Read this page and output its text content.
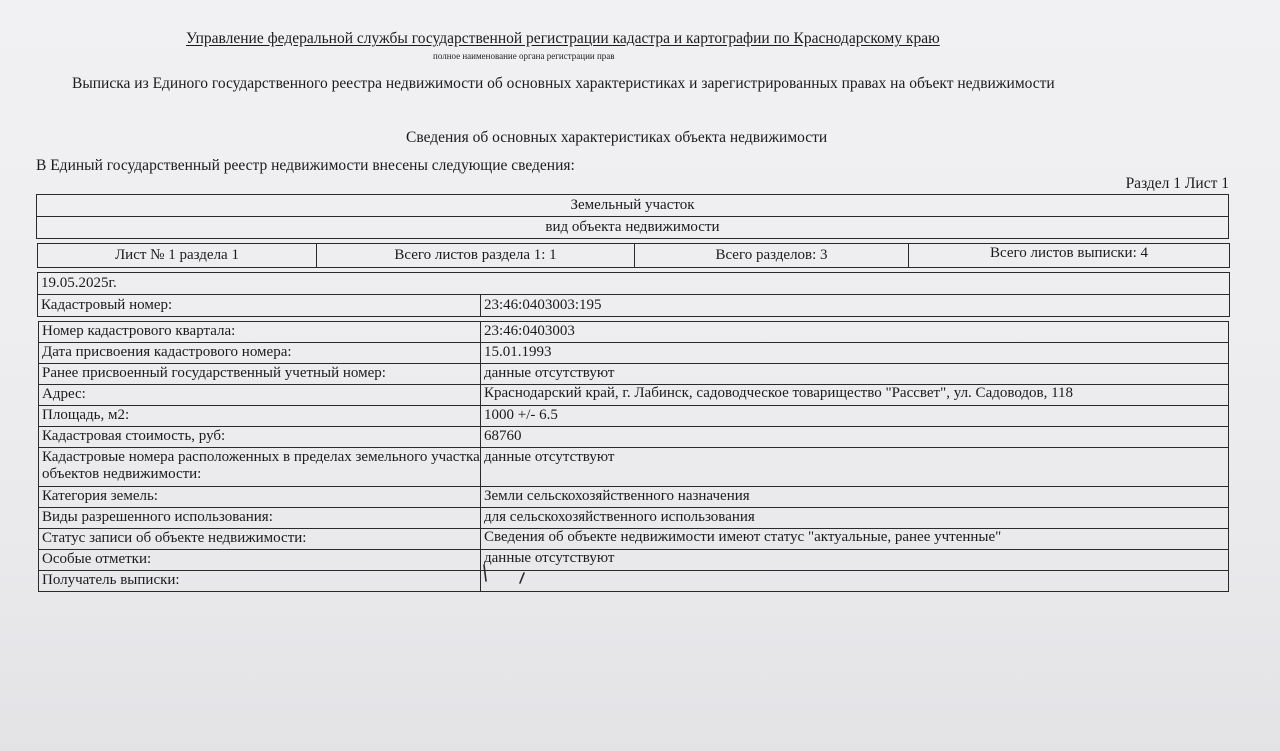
Управление федеральной службы государственной регистрации кадастра и картографии по Краснодарскому краю
полное наименование органа регистрации прав
Выписка из Единого государственного реестра недвижимости об основных характеристиках и зарегистрированных правах на объект недвижимости
Сведения об основных характеристиках объекта недвижимости
В Единый государственный реестр недвижимости внесены следующие сведения:
Раздел 1 Лист 1
Земельный участок
вид объекта недвижимости
Лист № 1 раздела 1	Всего листов раздела 1: 1	Всего разделов: 3	Всего листов выписки: 4
19.05.2025г.
Кадастровый номер:	23:46:0403003:195
Номер кадастрового квартала:	23:46:0403003
Дата присвоения кадастрового номера:	15.01.1993
Ранее присвоенный государственный учетный номер:	данные отсутствуют
Адрес:	Краснодарский край, г. Лабинск, садоводческое товарищество "Рассвет", ул. Садоводов, 118
Площадь, м2:	1000 +/- 6.5
Кадастровая стоимость, руб:	68760
Кадастровые номера расположенных в пределах земельного участка объектов недвижимости:
данные отсутствуют
Категория земель:	Земли сельскохозяйственного назначения
Виды разрешенного использования:	для сельскохозяйственного использования
Статус записи об объекте недвижимости:	Сведения об объекте недвижимости имеют статус "актуальные, ранее учтенные"
Особые отметки:	данные отсутствуют
Получатель выписки:
